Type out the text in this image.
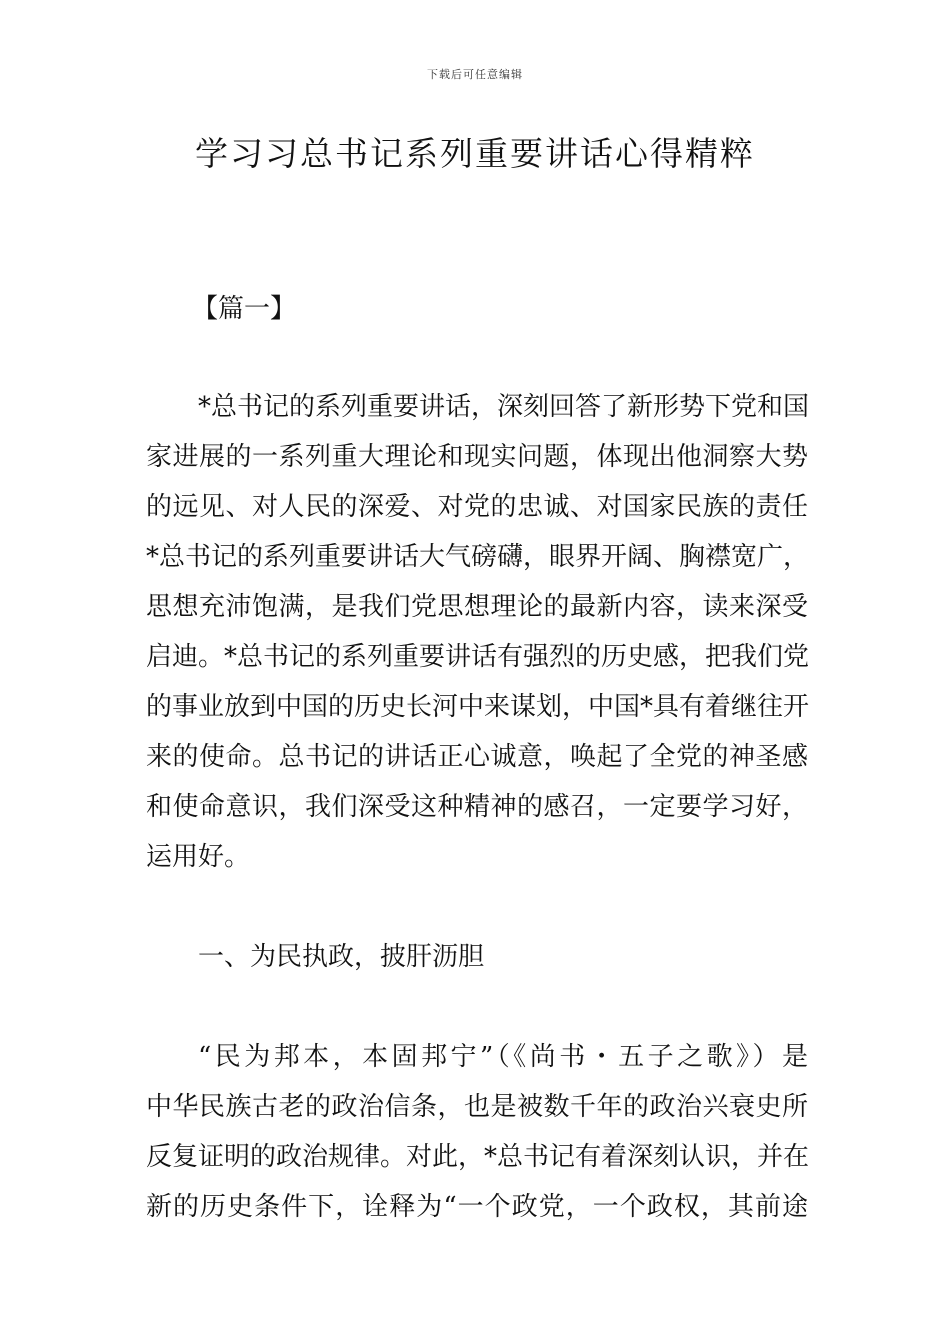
下载后可任意编辑
学习习总书记系列重要讲话心得精粹
【篇一】
*总书记的系列重要讲话，深刻回答了新形势下党和国
家进展的一系列重大理论和现实问题，体现出他洞察大势
的远见、对人民的深爱、对党的忠诚、对国家民族的责任
*总书记的系列重要讲话大气磅礴，眼界开阔、胸襟宽广，
思想充沛饱满，是我们党思想理论的最新内容，读来深受
启迪。*总书记的系列重要讲话有强烈的历史感，把我们党
的事业放到中国的历史长河中来谋划，中国*具有着继往开
来的使命。总书记的讲话正心诚意，唤起了全党的神圣感
和使命意识，我们深受这种精神的感召，一定要学习好，
运用好。
一、为民执政，披肝沥胆
“民为邦本，本固邦宁”（《尚书・五子之歌》）是
中华民族古老的政治信条，也是被数千年的政治兴衰史所
反复证明的政治规律。对此，*总书记有着深刻认识，并在
新的历史条件下，诠释为“一个政党，一个政权，其前途
